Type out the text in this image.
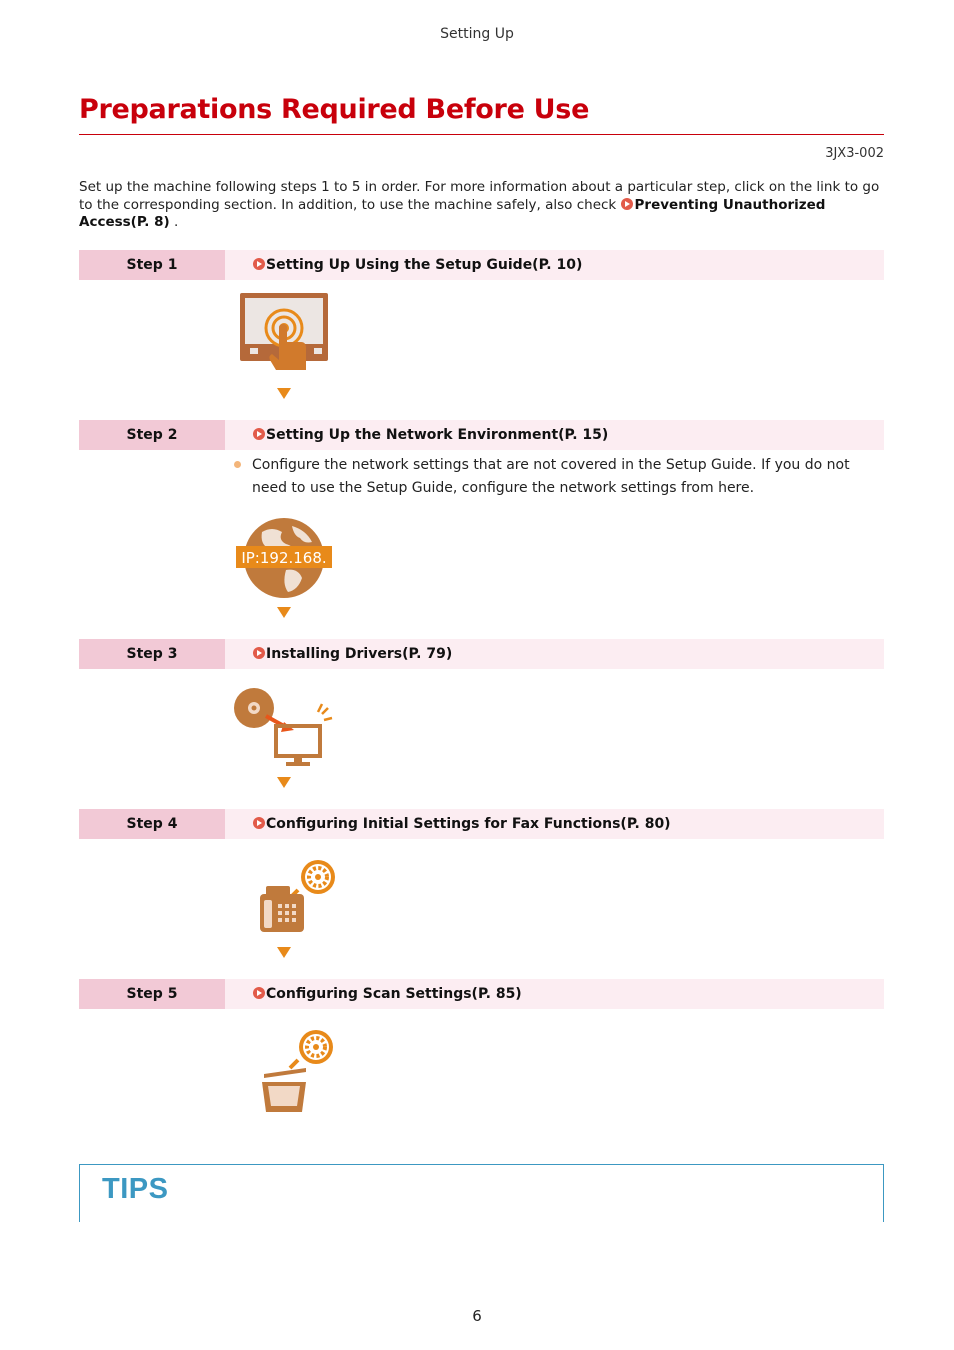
Setting Up
Preparations Required Before Use
3JX3-002

Set up the machine following steps 1 to 5 in order. For more information about a particular step, click on the link to go to the corresponding section. In addition, to use the machine safely, also check Preventing Unauthorized Access(P. 8) .

Step 1	Setting Up Using the Setup Guide(P. 10)
Step 2	Setting Up the Network Environment(P. 15)

Configure the network settings that are not covered in the Setup Guide. If you do not need to use the Setup Guide, configure the network settings from here.

IP:192.168.
Step 3	Installing Drivers(P. 79)
Step 4	Configuring Initial Settings for Fax Functions(P. 80)
Step 5	Configuring Scan Settings(P. 85)
TIPS
6
